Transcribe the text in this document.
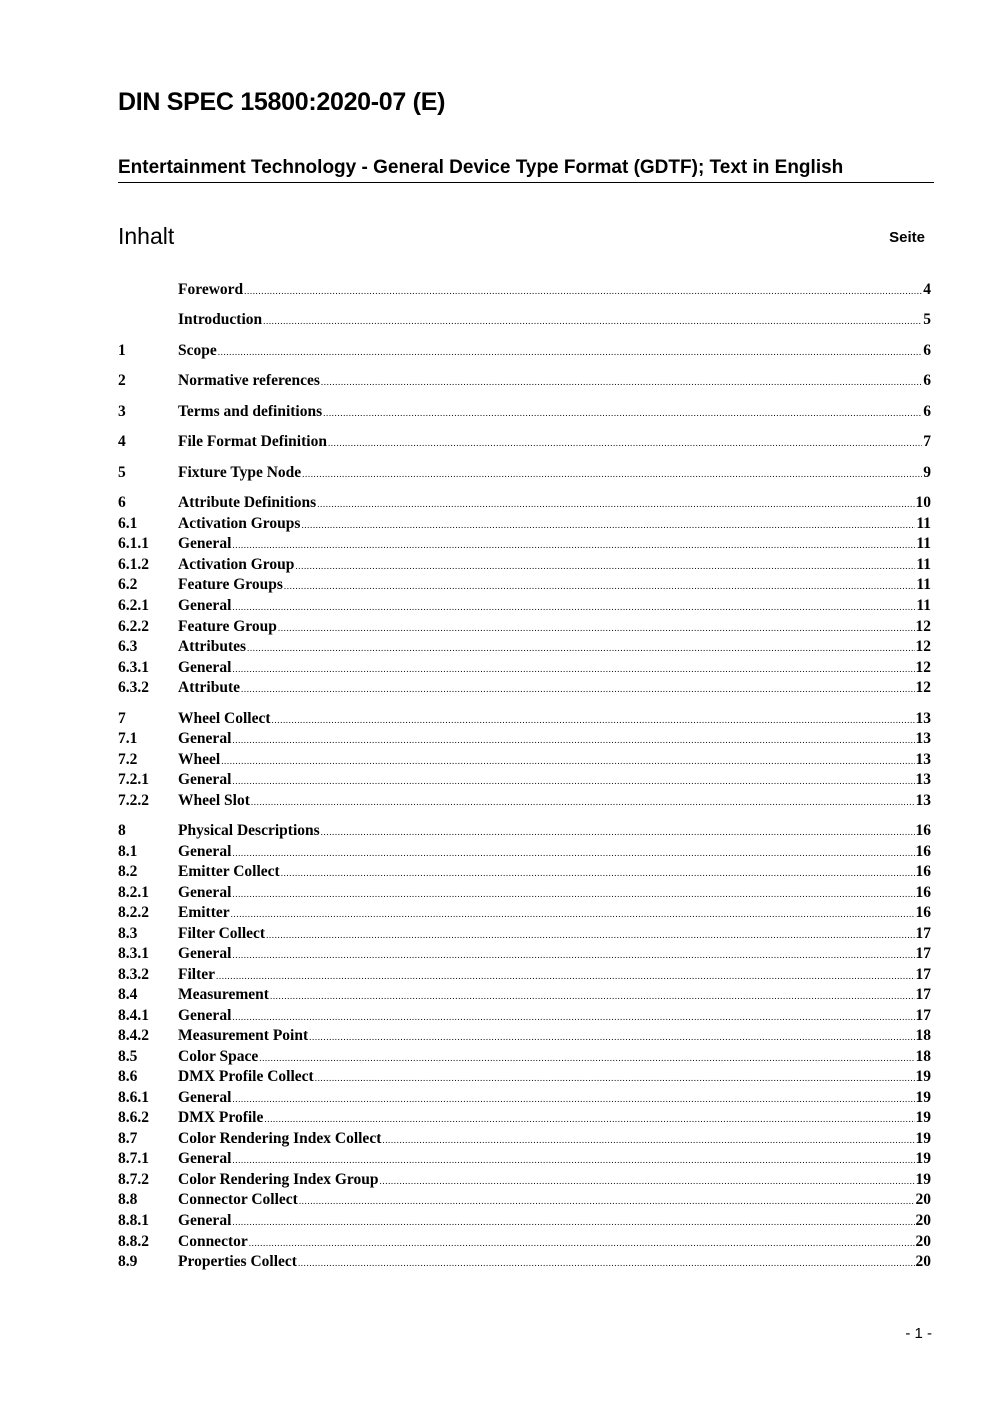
DIN SPEC 15800:2020-07 (E)
Entertainment Technology - General Device Type Format (GDTF); Text in English
Inhalt	Seite
Foreword .....	4
Introduction .....	5
1	Scope .....	6
2	Normative references .....	6
3	Terms and definitions .....	6
4	File Format Definition .....	7
5	Fixture Type Node .....	9
6	Attribute Definitions .....	10
6.1	Activation Groups .....	11
6.1.1	General .....	11
6.1.2	Activation Group .....	11
6.2	Feature Groups .....	11
6.2.1	General .....	11
6.2.2	Feature Group .....	12
6.3	Attributes .....	12
6.3.1	General .....	12
6.3.2	Attribute .....	12
7	Wheel Collect .....	13
7.1	General .....	13
7.2	Wheel .....	13
7.2.1	General .....	13
7.2.2	Wheel Slot .....	13
8	Physical Descriptions .....	16
8.1	General .....	16
8.2	Emitter Collect .....	16
8.2.1	General .....	16
8.2.2	Emitter .....	16
8.3	Filter Collect .....	17
8.3.1	General .....	17
8.3.2	Filter .....	17
8.4	Measurement .....	17
8.4.1	General .....	17
8.4.2	Measurement Point .....	18
8.5	Color Space .....	18
8.6	DMX Profile Collect .....	19
8.6.1	General .....	19
8.6.2	DMX Profile .....	19
8.7	Color Rendering Index Collect .....	19
8.7.1	General .....	19
8.7.2	Color Rendering Index Group .....	19
8.8	Connector Collect .....	20
8.8.1	General .....	20
8.8.2	Connector .....	20
8.9	Properties Collect .....	20
- 1 -
